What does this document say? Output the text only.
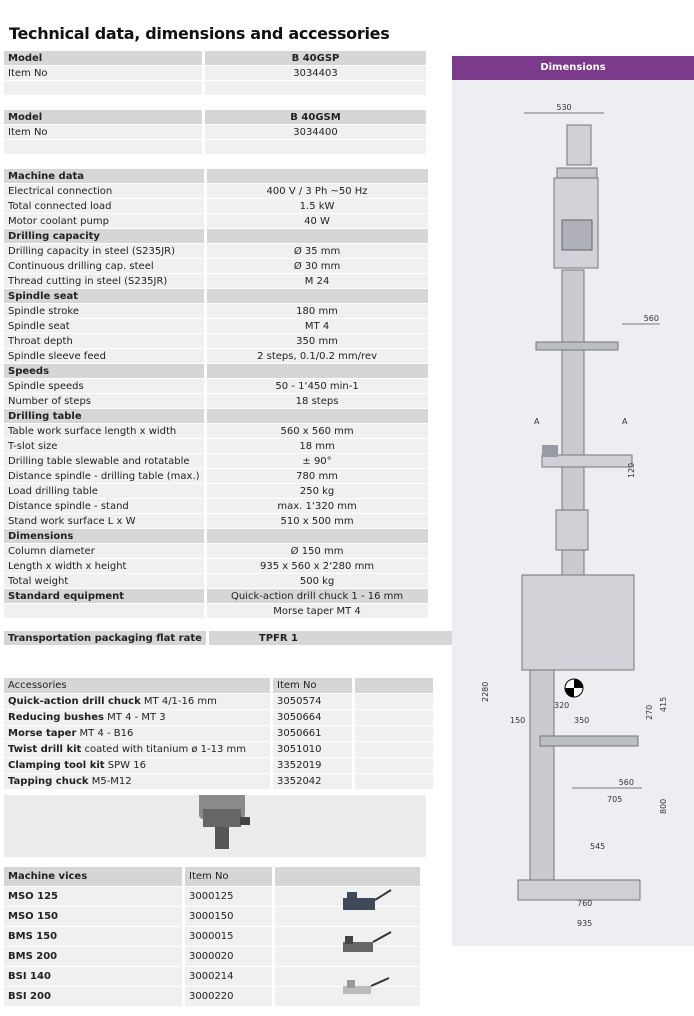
Technical data, dimensions and accessories
Model	B 40GSP
Item No	3034403

Model	B 40GSM
Item No	3034400

Machine data	
Electrical connection	400 V / 3 Ph ~50 Hz
Total connected load	1.5 kW
Motor coolant pump	40 W
Drilling capacity	
Drilling capacity in steel (S235JR)	Ø 35 mm
Continuous drilling cap. steel	Ø 30 mm
Thread cutting in steel (S235JR)	M 24
Spindle seat	
Spindle stroke	180 mm
Spindle seat	MT 4
Throat depth	350 mm
Spindle sleeve feed	2 steps, 0.1/0.2 mm/rev
Speeds	
Spindle speeds	50 - 1‘450 min-1
Number of steps	18 steps
Drilling table	
Table work surface length x width	560 x 560 mm
T-slot size	18 mm
Drilling table slewable and rotatable	± 90°
Distance spindle - drilling table (max.)	780 mm
Load drilling table	250 kg
Distance spindle - stand	max. 1‘320 mm
Stand work surface L x W	510 x 500 mm
Dimensions	
Column diameter	Ø 150 mm
Length x width x height	935 x 560 x 2‘280 mm
Total weight	500 kg
Standard equipment	Quick-action drill chuck 1 - 16 mm
	Morse taper MT 4
Transportation packaging flat rate	TPFR 1
Accessories	Item No	
Quick-action drill chuck MT 4/1-16 mm	3050574	
Reducing bushes MT 4 - MT 3	3050664	
Morse taper MT 4 - B16	3050661	
Twist drill kit coated with titanium ø 1-13 mm	3051010	
Clamping tool kit SPW 16	3352019	
Tapping chuck M5-M12	3352042	
Machine vices	Item No	
MSO 125	3000125	
MSO 150	3000150	
BMS 150	3000015	
BMS 200	3000020	
BSI 140	3000214	
BSI 200	3000220	
Dimensions
530
560
A	A
120
2280
320
350
150
270
415
560
705	800
545
760
935
